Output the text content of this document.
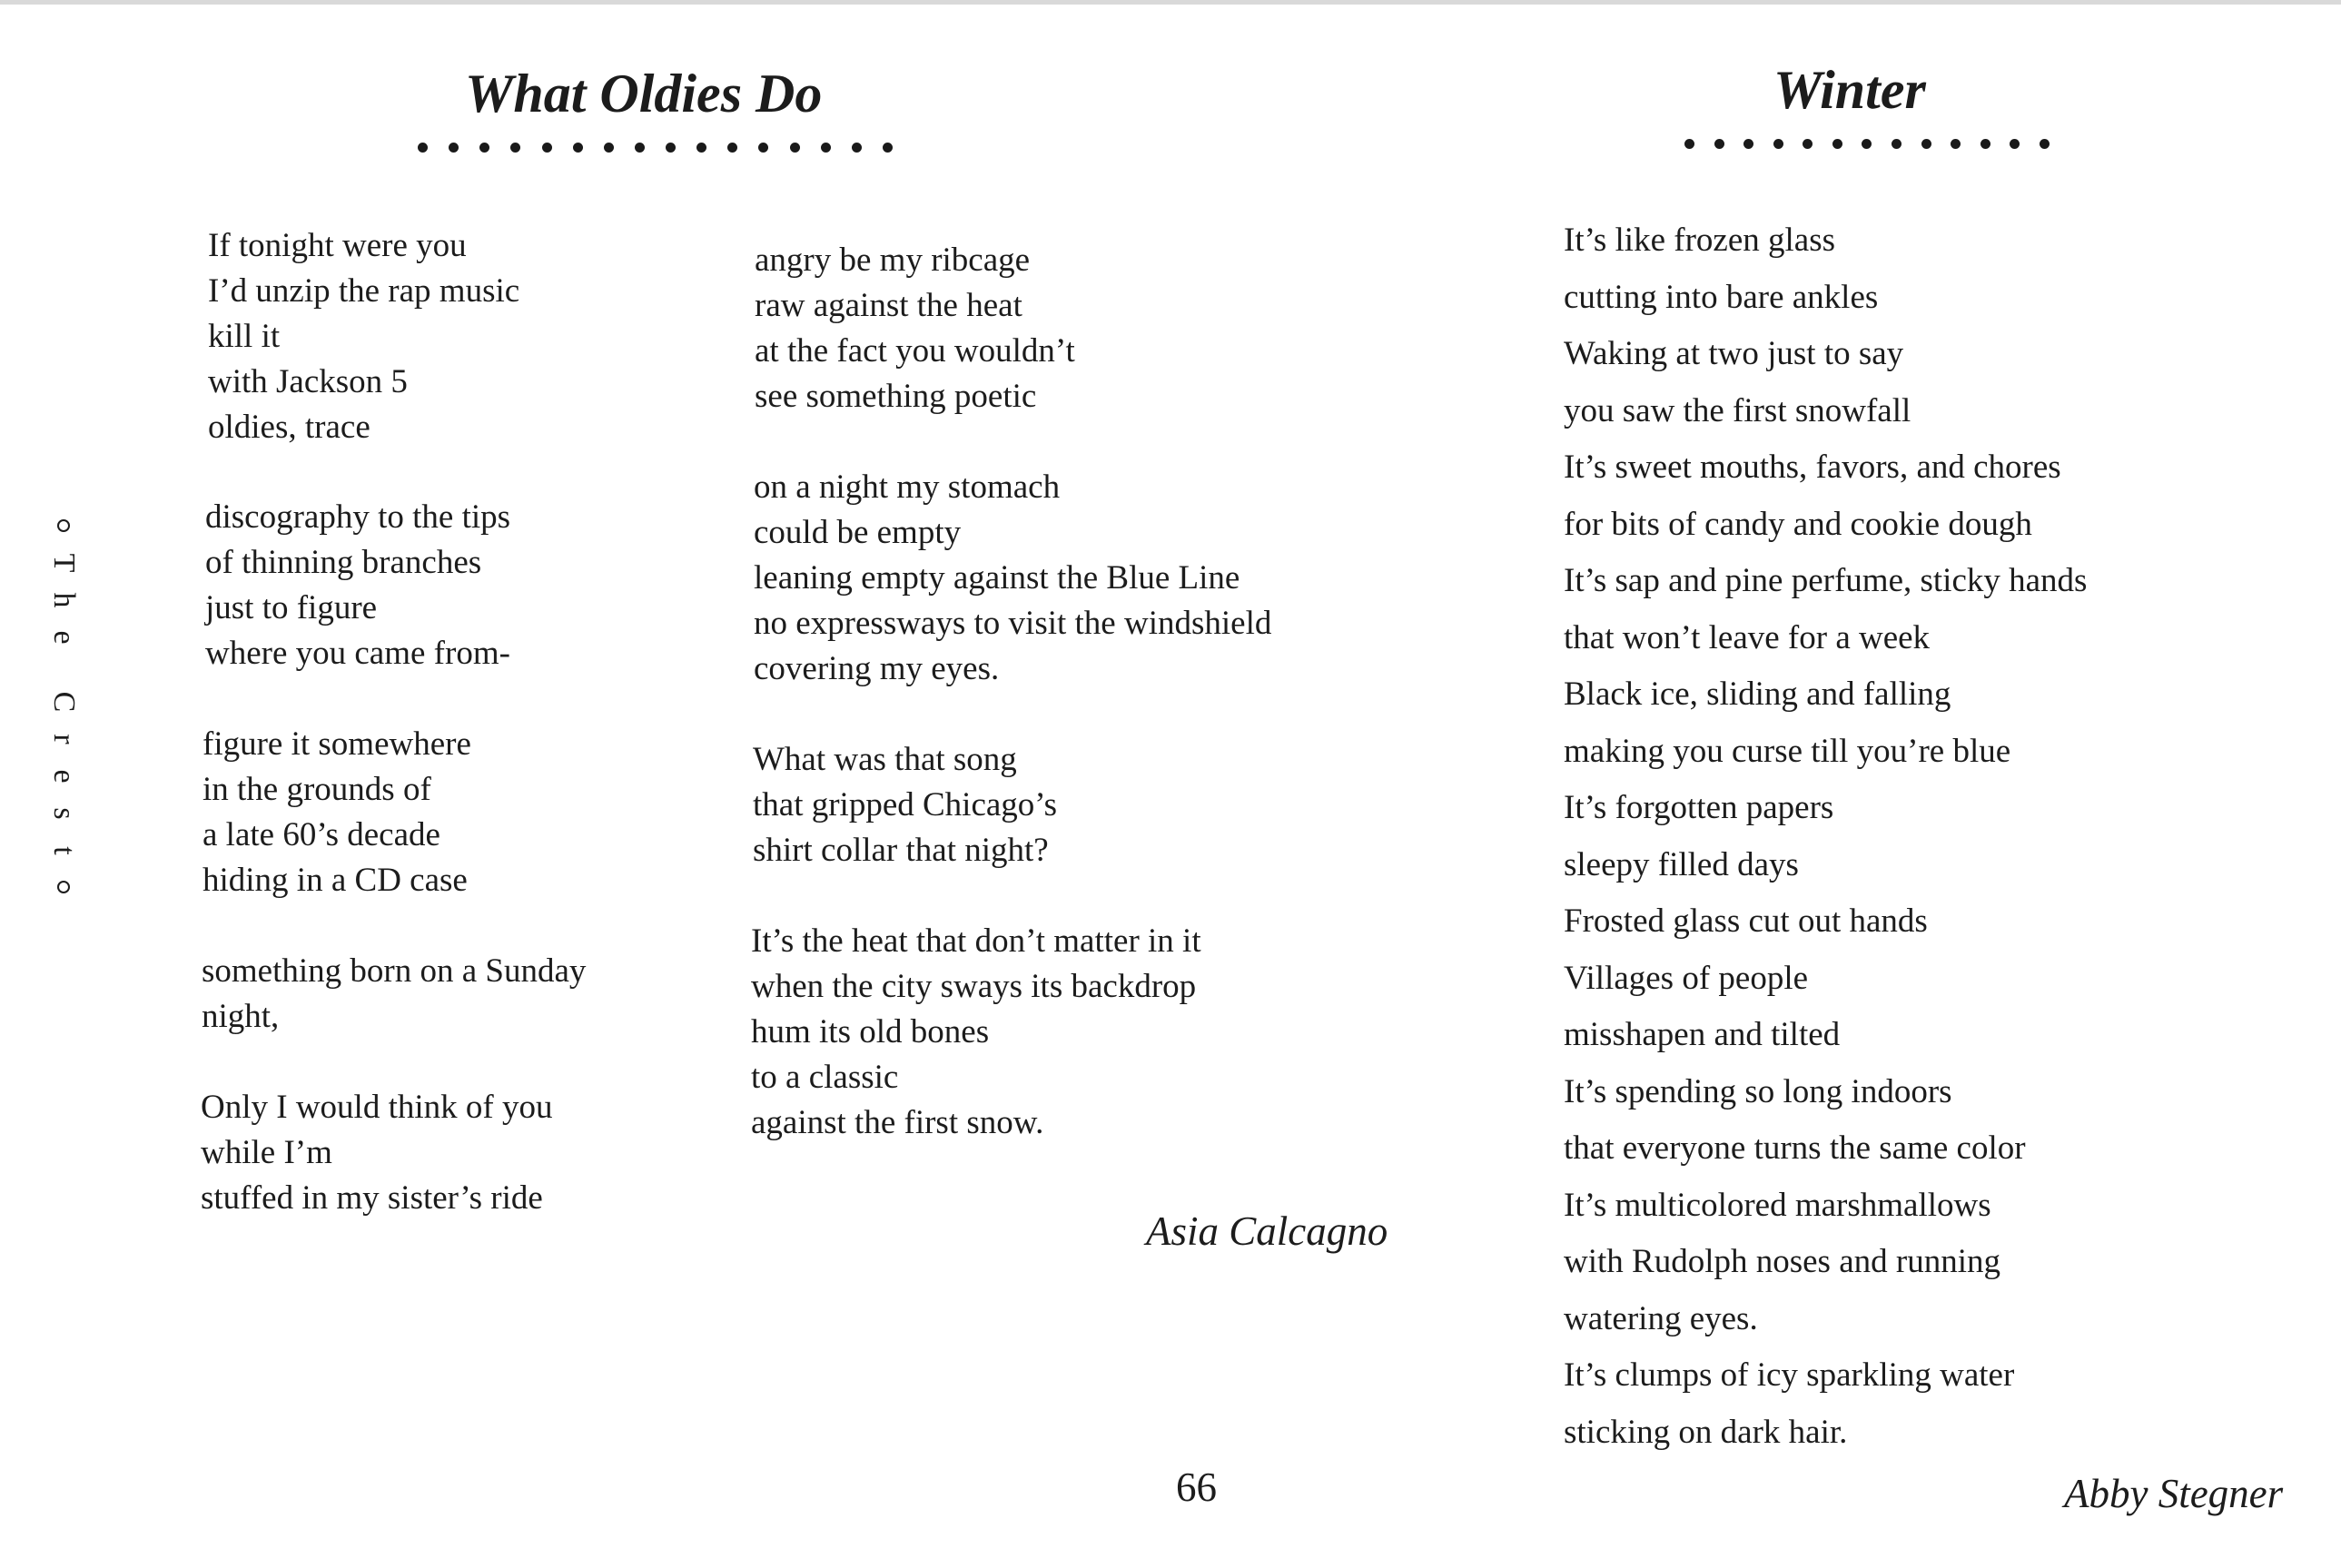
T
h
e
C
r
e
s
t
What Oldies Do
If tonight were you
I’d unzip the rap music
kill it
with Jackson 5
oldies, trace
discography to the tips
of thinning branches
just to figure
where you came from-
figure it somewhere
in the grounds of
a late 60’s decade
hiding in a CD case
something born on a Sunday
night,
Only I would think of you
while I’m
stuffed in my sister’s ride
angry be my ribcage
raw against the heat
at the fact you wouldn’t
see something poetic
on a night my stomach
could be empty
leaning empty against the Blue Line
no expressways to visit the windshield
covering my eyes.
What was that song
that gripped Chicago’s
shirt collar that night?
It’s the heat that don’t matter in it
when the city sways its backdrop
hum its old bones
to a classic
against the first snow.
Asia Calcagno
Winter
It’s like frozen glass
cutting into bare ankles
Waking at two just to say
you saw the first snowfall
It’s sweet mouths, favors, and chores
for bits of candy and cookie dough
It’s sap and pine perfume, sticky hands
that won’t leave for a week
Black ice, sliding and falling
making you curse till you’re blue
It’s forgotten papers
sleepy filled days
Frosted glass cut out hands
Villages of people
misshapen and tilted
It’s spending so long indoors
that everyone turns the same color
It’s multicolored marshmallows
with Rudolph noses and running
watering eyes.
It’s clumps of icy sparkling water
sticking on dark hair.
Abby Stegner
66
